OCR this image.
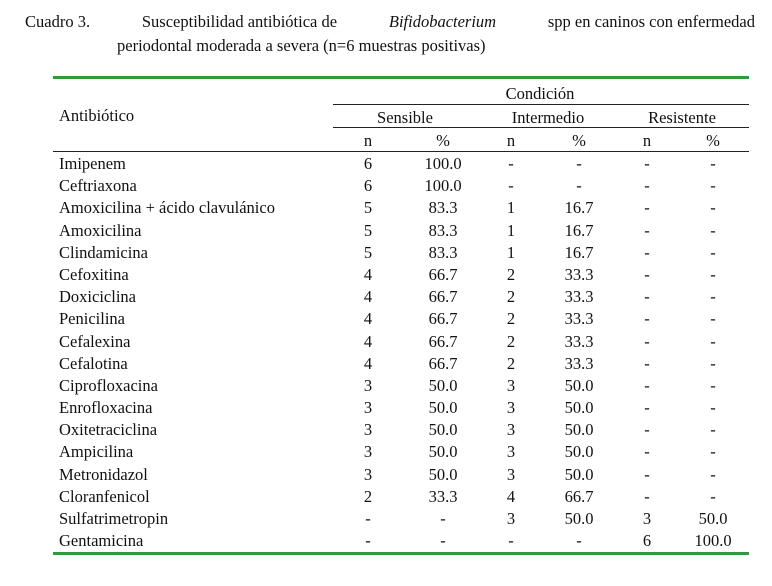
Cuadro 3.	Susceptibilidad antibiótica de	Bifidobacterium	spp en caninos con enfermedad
periodontal moderada a severa (n=6 muestras positivas)
Antibiótico
Condición
Sensible	Intermedio	Resistente
n	%	n	%	n	%
Imipenem	6	100.0	-	-	-	-
Ceftriaxona	6	100.0	-	-	-	-
Amoxicilina + ácido clavulánico	5	83.3	1	16.7	-	-
Amoxicilina	5	83.3	1	16.7	-	-
Clindamicina	5	83.3	1	16.7	-	-
Cefoxitina	4	66.7	2	33.3	-	-
Doxiciclina	4	66.7	2	33.3	-	-
Penicilina	4	66.7	2	33.3	-	-
Cefalexina	4	66.7	2	33.3	-	-
Cefalotina	4	66.7	2	33.3	-	-
Ciprofloxacina	3	50.0	3	50.0	-	-
Enrofloxacina	3	50.0	3	50.0	-	-
Oxitetraciclina	3	50.0	3	50.0	-	-
Ampicilina	3	50.0	3	50.0	-	-
Metronidazol	3	50.0	3	50.0	-	-
Cloranfenicol	2	33.3	4	66.7	-	-
Sulfatrimetropin	-	-	3	50.0	3	50.0
Gentamicina	-	-	-	-	6	100.0
